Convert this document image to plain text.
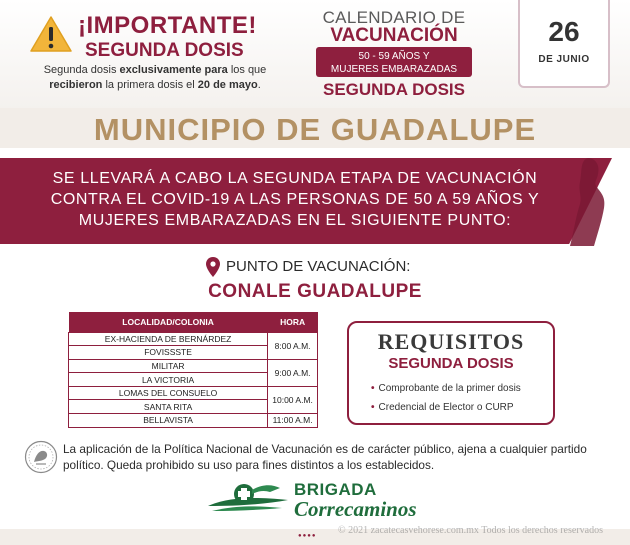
¡IMPORTANTE!
SEGUNDA DOSIS
Segunda dosis exclusivamente para los que
recibieron la primera dosis el 20 de mayo.
CALENDARIO DE
VACUNACIÓN
50 - 59 AÑOS Y
MUJERES EMBARAZADAS
SEGUNDA DOSIS
26
DE JUNIO
MUNICIPIO DE GUADALUPE
SE LLEVARÁ A CABO LA SEGUNDA ETAPA DE VACUNACIÓN
CONTRA EL COVID-19 A LAS PERSONAS DE 50 A 59 AÑOS Y
MUJERES EMBARAZADAS EN EL SIGUIENTE PUNTO:
PUNTO DE VACUNACIÓN:
CONALE GUADALUPE
LOCALIDAD/COLONIA	HORA
EX-HACIENDA DE BERNÁRDEZ	8:00 A.M.
FOVISSSTE	
MILITAR	9:00 A.M.
LA VICTORIA	
LOMAS DEL CONSUELO	10:00 A.M.
SANTA RITA	
BELLAVISTA	11:00 A.M.
REQUISITOS
SEGUNDA DOSIS
• Comprobante de la primer dosis
• Credencial de Elector o CURP
La aplicación de la Política Nacional de Vacunación es de carácter público, ajena a cualquier partido político. Queda prohibido su uso para fines distintos a los establecidos.
BRIGADA
Correcaminos
●●●● © 2021 zacatecasvehorese.com.mx Todos los derechos reservados
